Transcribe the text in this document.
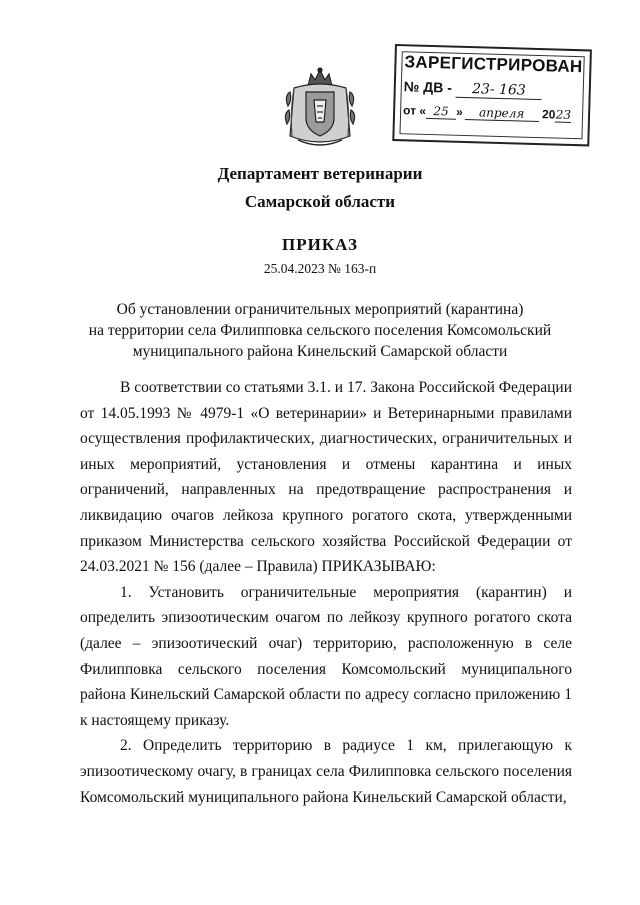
ЗАРЕГИСТРИРОВАН
№ ДВ - 23- 163
от « 25 » апреля 2023
Департамент ветеринарии
Самарской области
ПРИКАЗ
25.04.2023 № 163-п
Об установлении ограничительных мероприятий (карантина)
на территории села Филипповка сельского поселения Комсомольский
муниципального района Кинельский Самарской области

В соответствии со статьями 3.1. и 17. Закона Российской Федерации от 14.05.1993 № 4979-1 «О ветеринарии» и Ветеринарными правилами осуществления профилактических, диагностических, ограничительных и иных мероприятий, установления и отмены карантина и иных ограничений, направленных на предотвращение распространения и ликвидацию очагов лейкоза крупного рогатого скота, утвержденными приказом Министерства сельского хозяйства Российской Федерации от 24.03.2021 № 156 (далее – Правила) ПРИКАЗЫВАЮ:

1. Установить ограничительные мероприятия (карантин) и определить эпизоотическим очагом по лейкозу крупного рогатого скота (далее – эпизоотический очаг) территорию, расположенную в селе Филипповка сельского поселения Комсомольский муниципального района Кинельский Самарской области по адресу согласно приложению 1 к настоящему приказу.

2. Определить территорию в радиусе 1 км, прилегающую к эпизоотическому очагу, в границах села Филипповка сельского поселения Комсомольский муниципального района Кинельский Самарской области,
